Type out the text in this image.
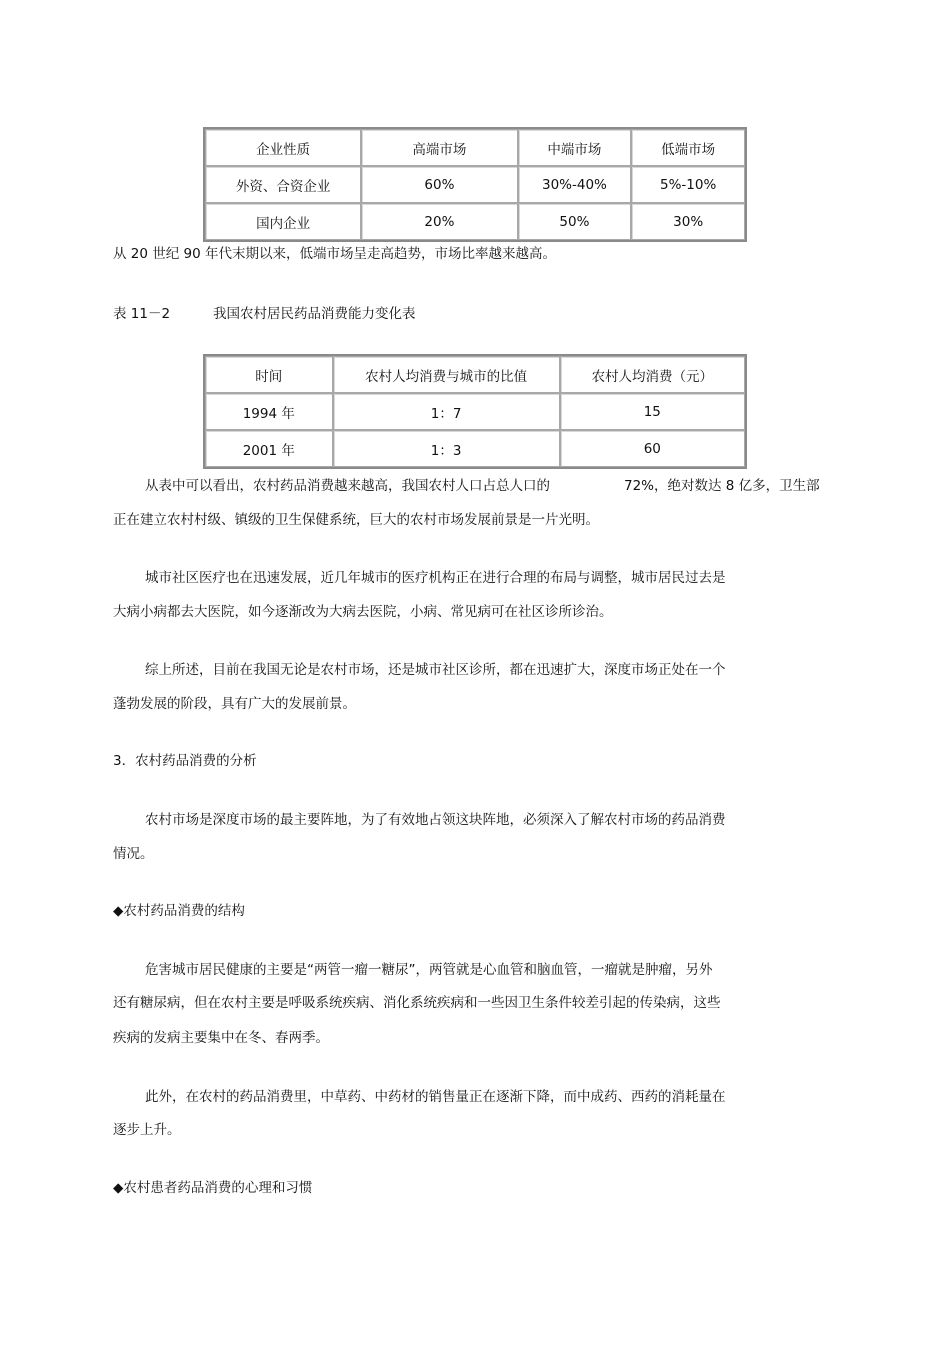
企业性质	高端市场	中端市场	低端市场
外资、合资企业	60%	30%-40%	5%-10%
国内企业	20%	50%	30%
从 20 世纪 90 年代末期以来，低端市场呈走高趋势，市场比率越来越高。
表 11－2	我国农村居民药品消费能力变化表
时间	农村人均消费与城市的比值	农村人均消费（元）
1994 年	1：7	15
2001 年	1：3	60
从表中可以看出，农村药品消费越来越高，我国农村人口占总人口的	72%，绝对数达 8 亿多，卫生部
正在建立农村村级、镇级的卫生保健系统，巨大的农村市场发展前景是一片光明。
城市社区医疗也在迅速发展，近几年城市的医疗机构正在进行合理的布局与调整，城市居民过去是
大病小病都去大医院，如今逐渐改为大病去医院，小病、常见病可在社区诊所诊治。
综上所述，目前在我国无论是农村市场，还是城市社区诊所，都在迅速扩大，深度市场正处在一个
蓬勃发展的阶段，具有广大的发展前景。
3．农村药品消费的分析
农村市场是深度市场的最主要阵地，为了有效地占领这块阵地，必须深入了解农村市场的药品消费
情况。
◆农村药品消费的结构
危害城市居民健康的主要是“两管一瘤一糖尿”，两管就是心血管和脑血管，一瘤就是肿瘤，另外
还有糖尿病，但在农村主要是呼吸系统疾病、消化系统疾病和一些因卫生条件较差引起的传染病，这些
疾病的发病主要集中在冬、春两季。
此外，在农村的药品消费里，中草药、中药材的销售量正在逐渐下降，而中成药、西药的消耗量在
逐步上升。
◆农村患者药品消费的心理和习惯
